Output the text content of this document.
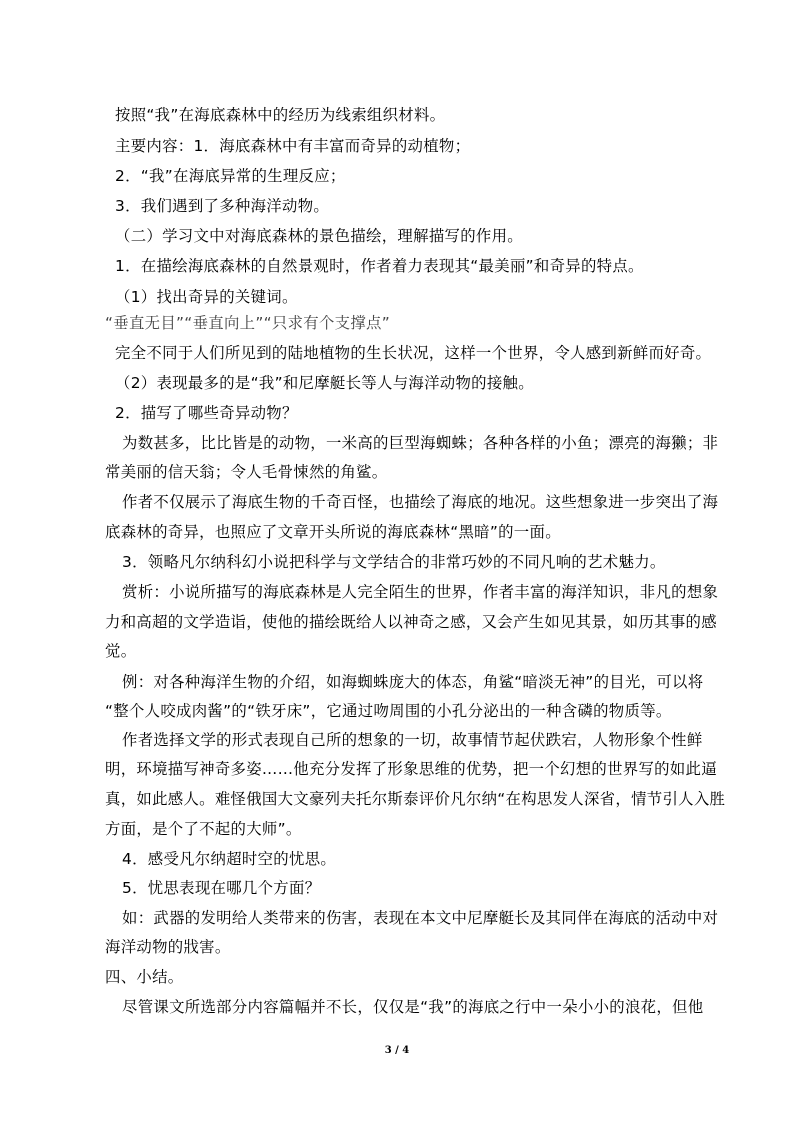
按照“我”在海底森林中的经历为线索组织材料。
主要内容：1．海底森林中有丰富而奇异的动植物；
2．“我”在海底异常的生理反应；
3．我们遇到了多种海洋动物。
（二）学习文中对海底森林的景色描绘，理解描写的作用。
1．在描绘海底森林的自然景观时，作者着力表现其“最美丽”和奇异的特点。
（1）找出奇异的关键词。
“垂直无目”“垂直向上”“只求有个支撑点”
完全不同于人们所见到的陆地植物的生长状况，这样一个世界，令人感到新鲜而好奇。
（2）表现最多的是“我”和尼摩艇长等人与海洋动物的接触。
2．描写了哪些奇异动物？
为数甚多，比比皆是的动物，一米高的巨型海蜘蛛；各种各样的小鱼；漂亮的海獭；非
常美丽的信天翁；令人毛骨悚然的角鲨。
作者不仅展示了海底生物的千奇百怪，也描绘了海底的地况。这些想象进一步突出了海
底森林的奇异，也照应了文章开头所说的海底森林“黑暗”的一面。
3．领略凡尔纳科幻小说把科学与文学结合的非常巧妙的不同凡响的艺术魅力。
赏析：小说所描写的海底森林是人完全陌生的世界，作者丰富的海洋知识，非凡的想象
力和高超的文学造诣，使他的描绘既给人以神奇之感，又会产生如见其景，如历其事的感
觉。
例：对各种海洋生物的介绍，如海蜘蛛庞大的体态，角鲨“暗淡无神”的目光，可以将
“整个人咬成肉酱”的“铁牙床”，它通过吻周围的小孔分泌出的一种含磷的物质等。
作者选择文学的形式表现自己所的想象的一切，故事情节起伏跌宕，人物形象个性鲜
明，环境描写神奇多姿……他充分发挥了形象思维的优势，把一个幻想的世界写的如此逼
真，如此感人。难怪俄国大文豪列夫托尔斯泰评价凡尔纳“在构思发人深省，情节引人入胜
方面，是个了不起的大师”。
4．感受凡尔纳超时空的忧思。
5．忧思表现在哪几个方面？
如：武器的发明给人类带来的伤害，表现在本文中尼摩艇长及其同伴在海底的活动中对
海洋动物的戕害。
四、小结。
尽管课文所选部分内容篇幅并不长，仅仅是“我”的海底之行中一朵小小的浪花，但他
3 / 4
